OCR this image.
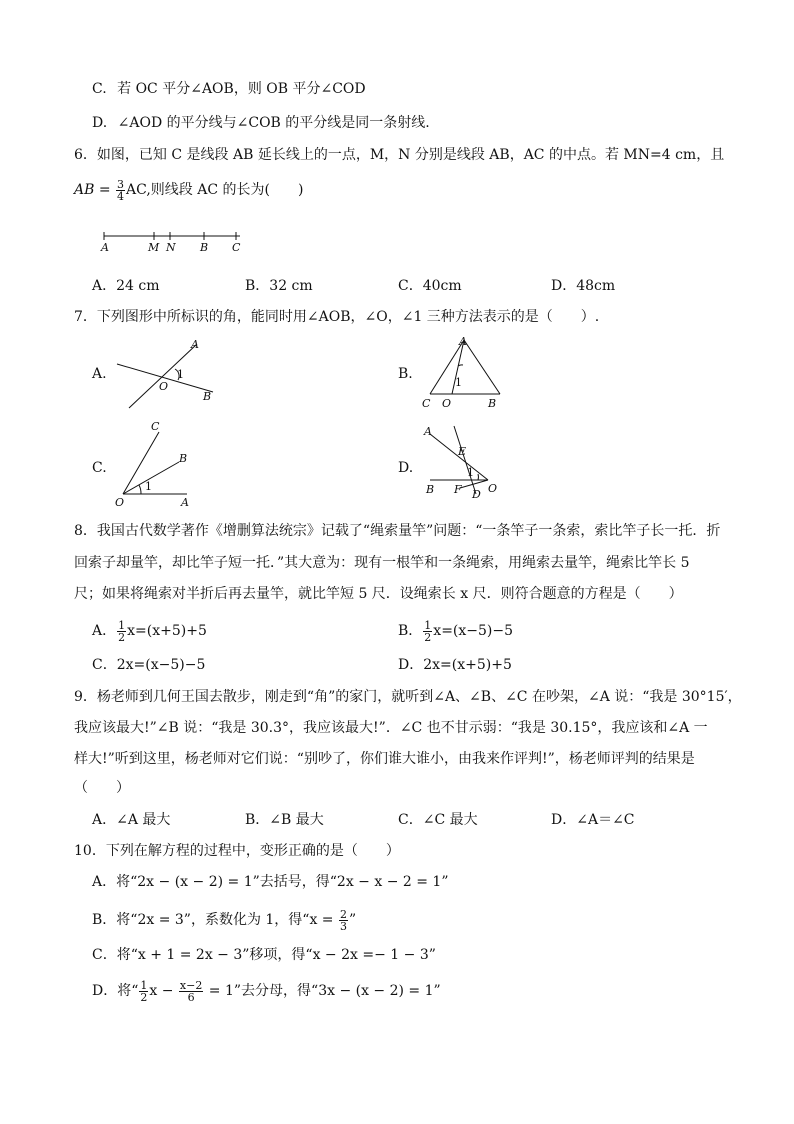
C. 若 OC 平分∠AOB，则 OB 平分∠COD
D. ∠AOD 的平分线与∠COB 的平分线是同一条射线.
6．如图，已知 C 是线段 AB 延长线上的一点，M，N 分别是线段 AB，AC 的中点。若 MN=4 cm，且
AB = $\frac{3}{4}$ AC,则线段 AC 的长为(　　)
A	M N B C
A．24 cm	B．32 cm	C．40cm	D．48cm
7．下列图形中所标识的角，能同时用∠AOB，∠O，∠1 三种方法表示的是（　　）.
A.
A
1
O
B
B.
A
1
C O	B
C.
C
B
1
O	A
D.
A
E
1
B F D O
8．我国古代数学著作《增删算法统宗》记载了“绳索量竿”问题：“一条竿子一条索，索比竿子长一托．折
回索子却量竿，却比竿子短一托．”其大意为：现有一根竿和一条绳索，用绳索去量竿，绳索比竿长 5
尺；如果将绳索对半折后再去量竿，就比竿短 5 尺．设绳索长 x 尺．则符合题意的方程是（　　）
A． $\frac{1}{2} x=(x+5)+5$	B． $\frac{1}{2} x=(x-5)-5$
C．2x=(x−5)−5	D．2x=(x+5)+5
9．杨老师到几何王国去散步，刚走到“角”的家门，就听到∠A、∠B、∠C 在吵架，∠A 说：“我是 30°15′，
我应该最大!”∠B 说：“我是 30.3°，我应该最大!”．∠C 也不甘示弱：“我是 30.15°，我应该和∠A 一
样大!”听到这里，杨老师对它们说：“别吵了，你们谁大谁小，由我来作评判!”，杨老师评判的结果是
（　　）
A．∠A 最大	B．∠B 最大	C．∠C 最大	D．∠A＝∠C
10．下列在解方程的过程中，变形正确的是（　　）
A．将“2x − (x − 2) = 1”去括号，得“2x − x − 2 = 1”
B．将“2x = 3”，系数化为 1，得“$x = \frac{2}{3}$ ”
C．将“x + 1 = 2x − 3”移项，得“x − 2x =− 1 − 3”
D．将“ $\frac{1}{2}$ $x - \frac{x-2}{6} = 1$”去分母，得“3x − (x − 2) = 1”
